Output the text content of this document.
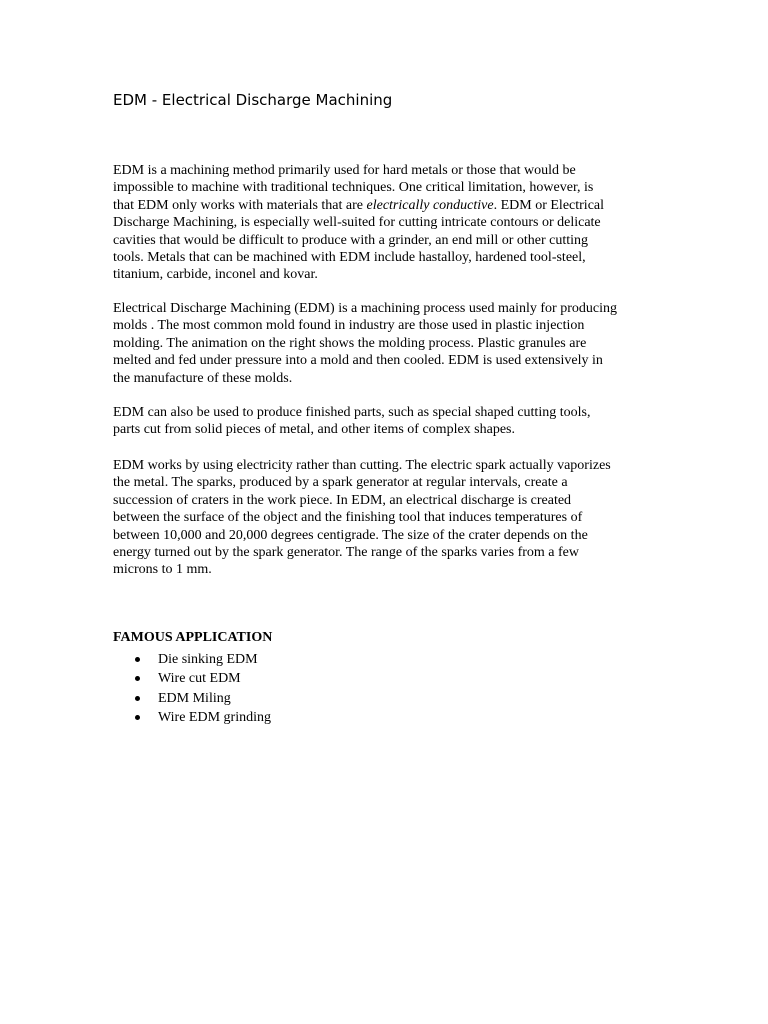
EDM - Electrical Discharge Machining

EDM is a machining method primarily used for hard metals or those that would be
impossible to machine with traditional techniques. One critical limitation, however, is
that EDM only works with materials that are electrically conductive. EDM or Electrical
Discharge Machining, is especially well-suited for cutting intricate contours or delicate
cavities that would be difficult to produce with a grinder, an end mill or other cutting
tools. Metals that can be machined with EDM include hastalloy, hardened tool-steel,
titanium, carbide, inconel and kovar.

Electrical Discharge Machining (EDM) is a machining process used mainly for producing
molds . The most common mold found in industry are those used in plastic injection
molding. The animation on the right shows the molding process. Plastic granules are
melted and fed under pressure into a mold and then cooled. EDM is used extensively in
the manufacture of these molds.

EDM can also be used to produce finished parts, such as special shaped cutting tools,
parts cut from solid pieces of metal, and other items of complex shapes.

EDM works by using electricity rather than cutting. The electric spark actually vaporizes
the metal. The sparks, produced by a spark generator at regular intervals, create a
succession of craters in the work piece. In EDM, an electrical discharge is created
between the surface of the object and the finishing tool that induces temperatures of
between 10,000 and 20,000 degrees centigrade. The size of the crater depends on the
energy turned out by the spark generator. The range of the sparks varies from a few
microns to 1 mm.

FAMOUS APPLICATION
Die sinking EDM
Wire cut EDM
EDM Miling
Wire EDM grinding
